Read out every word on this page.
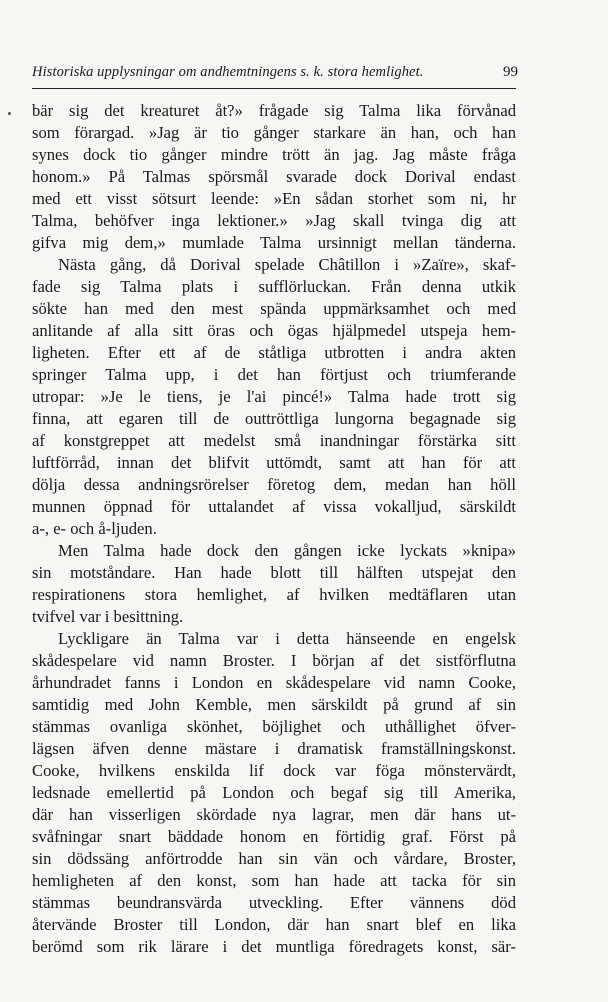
Historiska upplysningar om andhemtningens s. k. stora hemlighet.	99
bär sig det kreaturet åt?» frågade sig Talma lika förvånad
som förargad. »Jag är tio gånger starkare än han, och han
synes dock tio gånger mindre trött än jag. Jag måste fråga
honom.» På Talmas spörsmål svarade dock Dorival endast
med ett visst sötsurt leende: »En sådan storhet som ni, hr
Talma, behöfver inga lektioner.» »Jag skall tvinga dig att
gifva mig dem,» mumlade Talma ursinnigt mellan tänderna.
Nästa gång, då Dorival spelade Châtillon i »Zaïre», skaf-
fade sig Talma plats i sufflörluckan. Från denna utkik
sökte han med den mest spända uppmärksamhet och med
anlitande af alla sitt öras och ögas hjälpmedel utspeja hem-
ligheten. Efter ett af de ståtliga utbrotten i andra akten
springer Talma upp, i det han förtjust och triumferande
utropar: »Je le tiens, je l'ai pincé!» Talma hade trott sig
finna, att egaren till de outtröttliga lungorna begagnade sig
af konstgreppet att medelst små inandningar förstärka sitt
luftförråd, innan det blifvit uttömdt, samt att han för att
dölja dessa andningsrörelser företog dem, medan han höll
munnen öppnad för uttalandet af vissa vokalljud, särskildt
a-, e- och å-ljuden.
Men Talma hade dock den gången icke lyckats »knipa»
sin motståndare. Han hade blott till hälften utspejat den
respirationens stora hemlighet, af hvilken medtäflaren utan
tvifvel var i besittning.
Lyckligare än Talma var i detta hänseende en engelsk
skådespelare vid namn Broster. I början af det sistförflutna
århundradet fanns i London en skådespelare vid namn Cooke,
samtidig med John Kemble, men särskildt på grund af sin
stämmas ovanliga skönhet, böjlighet och uthållighet öfver-
lägsen äfven denne mästare i dramatisk framställningskonst.
Cooke, hvilkens enskilda lif dock var föga mönstervärdt,
ledsnade emellertid på London och begaf sig till Amerika,
där han visserligen skördade nya lagrar, men där hans ut-
svåfningar snart bäddade honom en förtidig graf. Först på
sin dödssäng anförtrodde han sin vän och vårdare, Broster,
hemligheten af den konst, som han hade att tacka för sin
stämmas beundransvärda utveckling. Efter vännens död
återvände Broster till London, där han snart blef en lika
berömd som rik lärare i det muntliga föredragets konst, sär-
